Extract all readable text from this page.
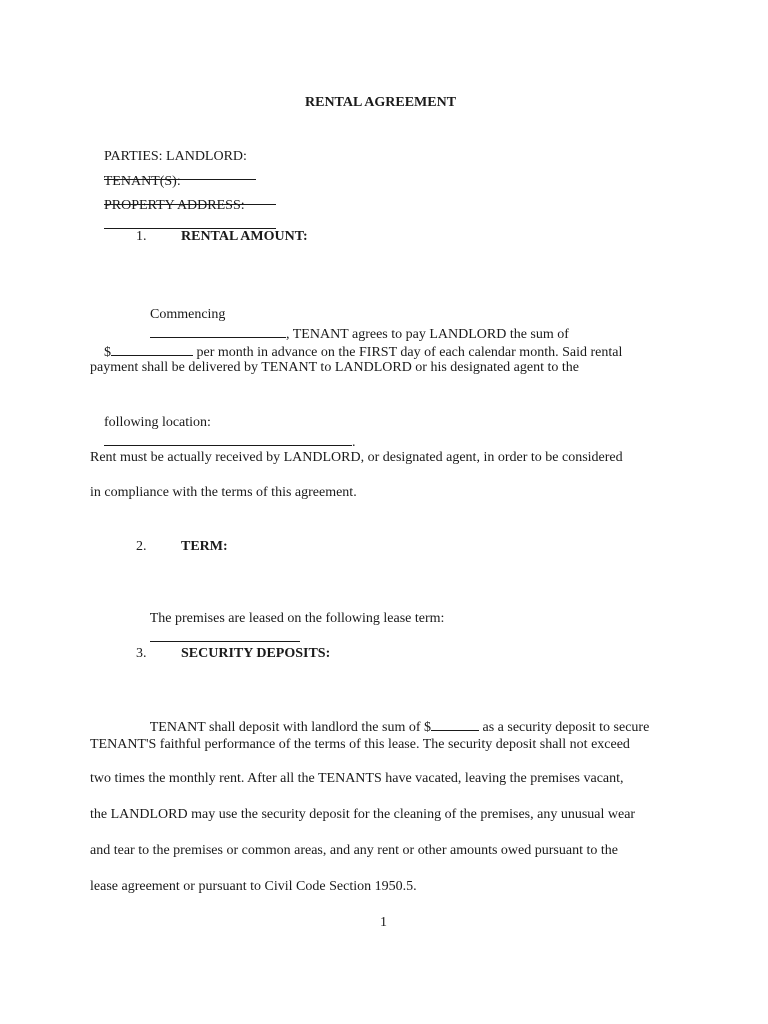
RENTAL AGREEMENT

PARTIES: LANDLORD:

TENANT(S):

PROPERTY ADDRESS:

1. RENTAL AMOUNT:

Commencing
, TENANT agrees to pay LANDLORD the sum of

$	per month in advance on the FIRST day of each calendar month. Said rental

payment shall be delivered by TENANT to LANDLORD or his designated agent to the

following location:
.

Rent must be actually received by LANDLORD, or designated agent, in order to be considered
in compliance with the terms of this agreement.
2. TERM:

The premises are leased on the following lease term:

3. SECURITY DEPOSITS:

TENANT shall deposit with landlord the sum of $	as a security deposit to secure

TENANT'S faithful performance of the terms of this lease. The security deposit shall not exceed
two times the monthly rent. After all the TENANTS have vacated, leaving the premises vacant,
the LANDLORD may use the security deposit for the cleaning of the premises, any unusual wear
and tear to the premises or common areas, and any rent or other amounts owed pursuant to the
lease agreement or pursuant to Civil Code Section 1950.5.
1
